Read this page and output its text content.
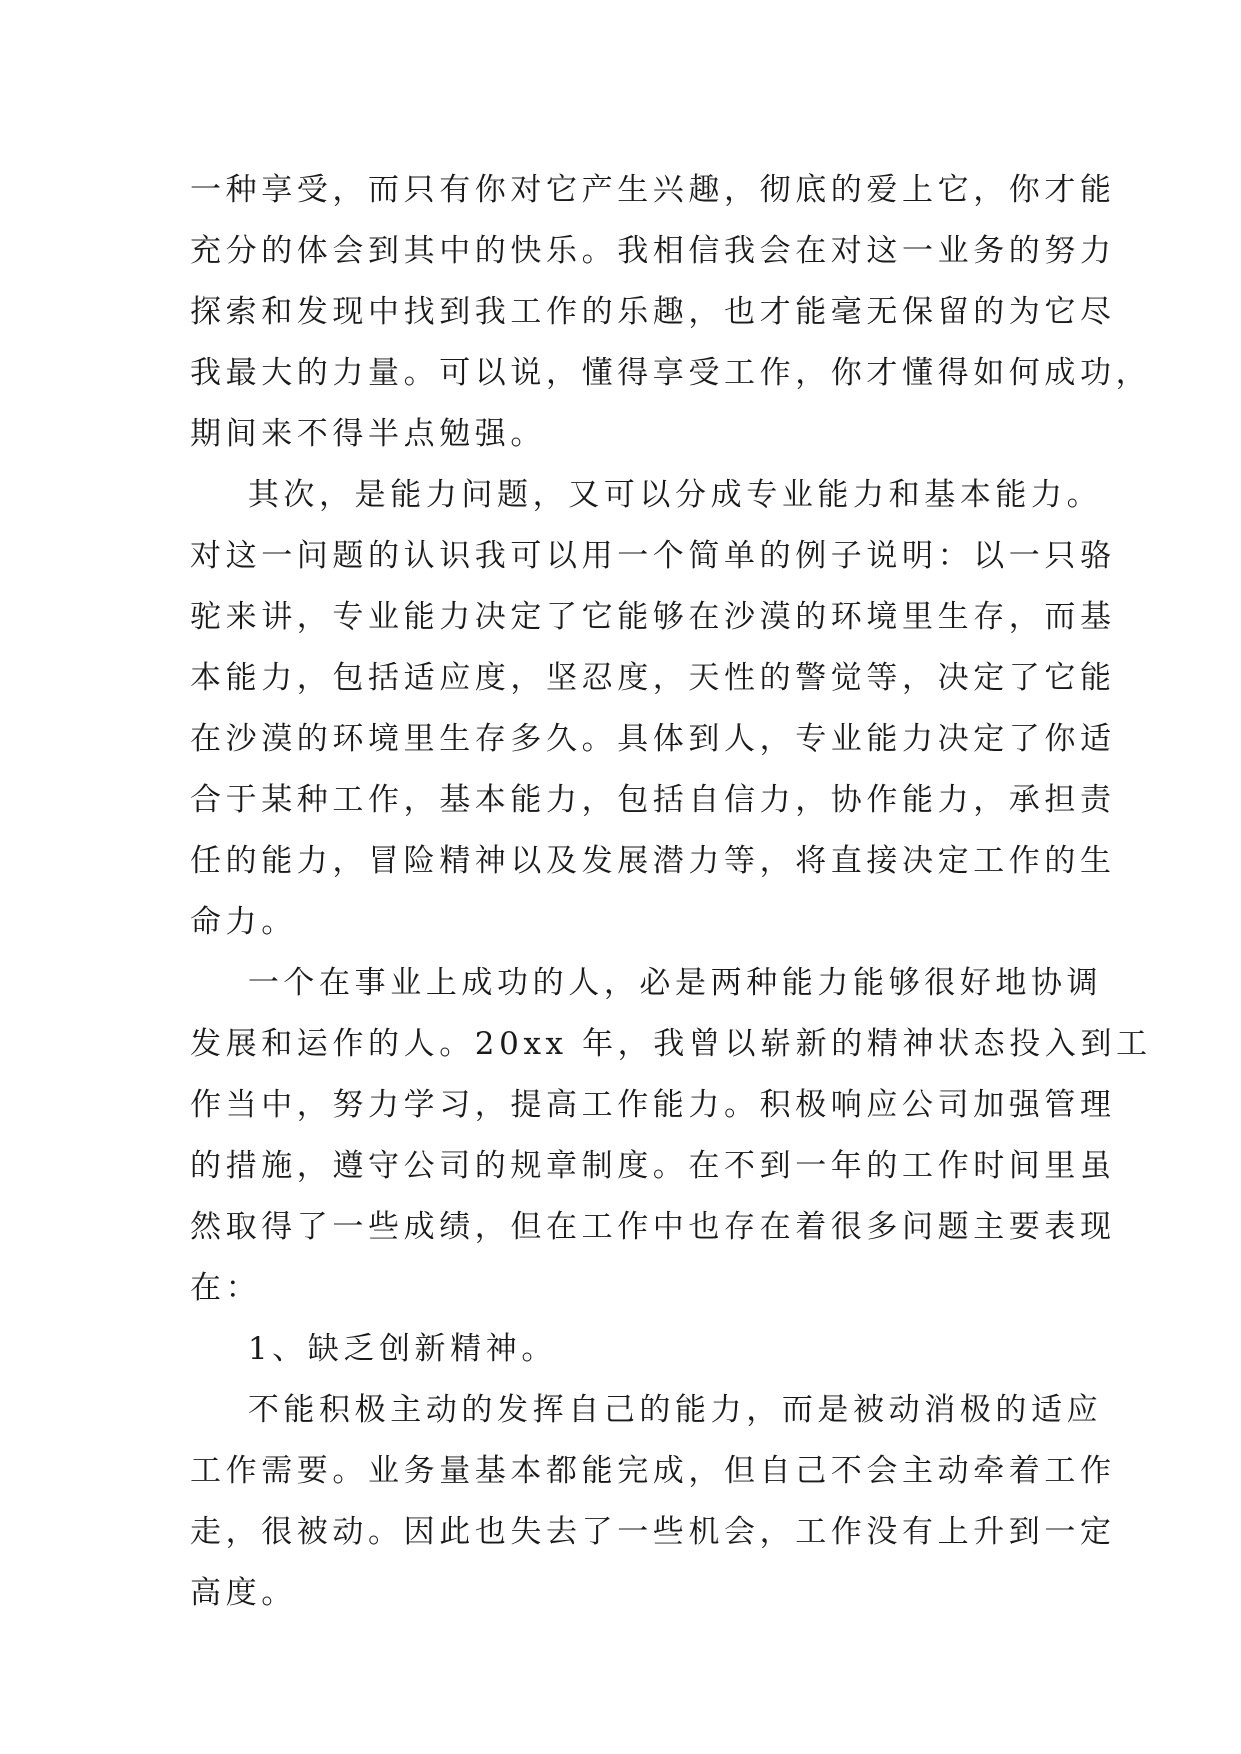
一种享受，而只有你对它产生兴趣，彻底的爱上它，你才能
充分的体会到其中的快乐。我相信我会在对这一业务的努力
探索和发现中找到我工作的乐趣，也才能毫无保留的为它尽
我最大的力量。可以说，懂得享受工作，你才懂得如何成功，
期间来不得半点勉强。
其次，是能力问题，又可以分成专业能力和基本能力。
对这一问题的认识我可以用一个简单的例子说明：以一只骆
驼来讲，专业能力决定了它能够在沙漠的环境里生存，而基
本能力，包括适应度，坚忍度，天性的警觉等，决定了它能
在沙漠的环境里生存多久。具体到人，专业能力决定了你适
合于某种工作，基本能力，包括自信力，协作能力，承担责
任的能力，冒险精神以及发展潜力等，将直接决定工作的生
命力。
一个在事业上成功的人，必是两种能力能够很好地协调
发展和运作的人。20xx 年，我曾以崭新的精神状态投入到工
作当中，努力学习，提高工作能力。积极响应公司加强管理
的措施，遵守公司的规章制度。在不到一年的工作时间里虽
然取得了一些成绩，但在工作中也存在着很多问题主要表现
在：
1、缺乏创新精神。
不能积极主动的发挥自己的能力，而是被动消极的适应
工作需要。业务量基本都能完成，但自己不会主动牵着工作
走，很被动。因此也失去了一些机会，工作没有上升到一定
高度。
